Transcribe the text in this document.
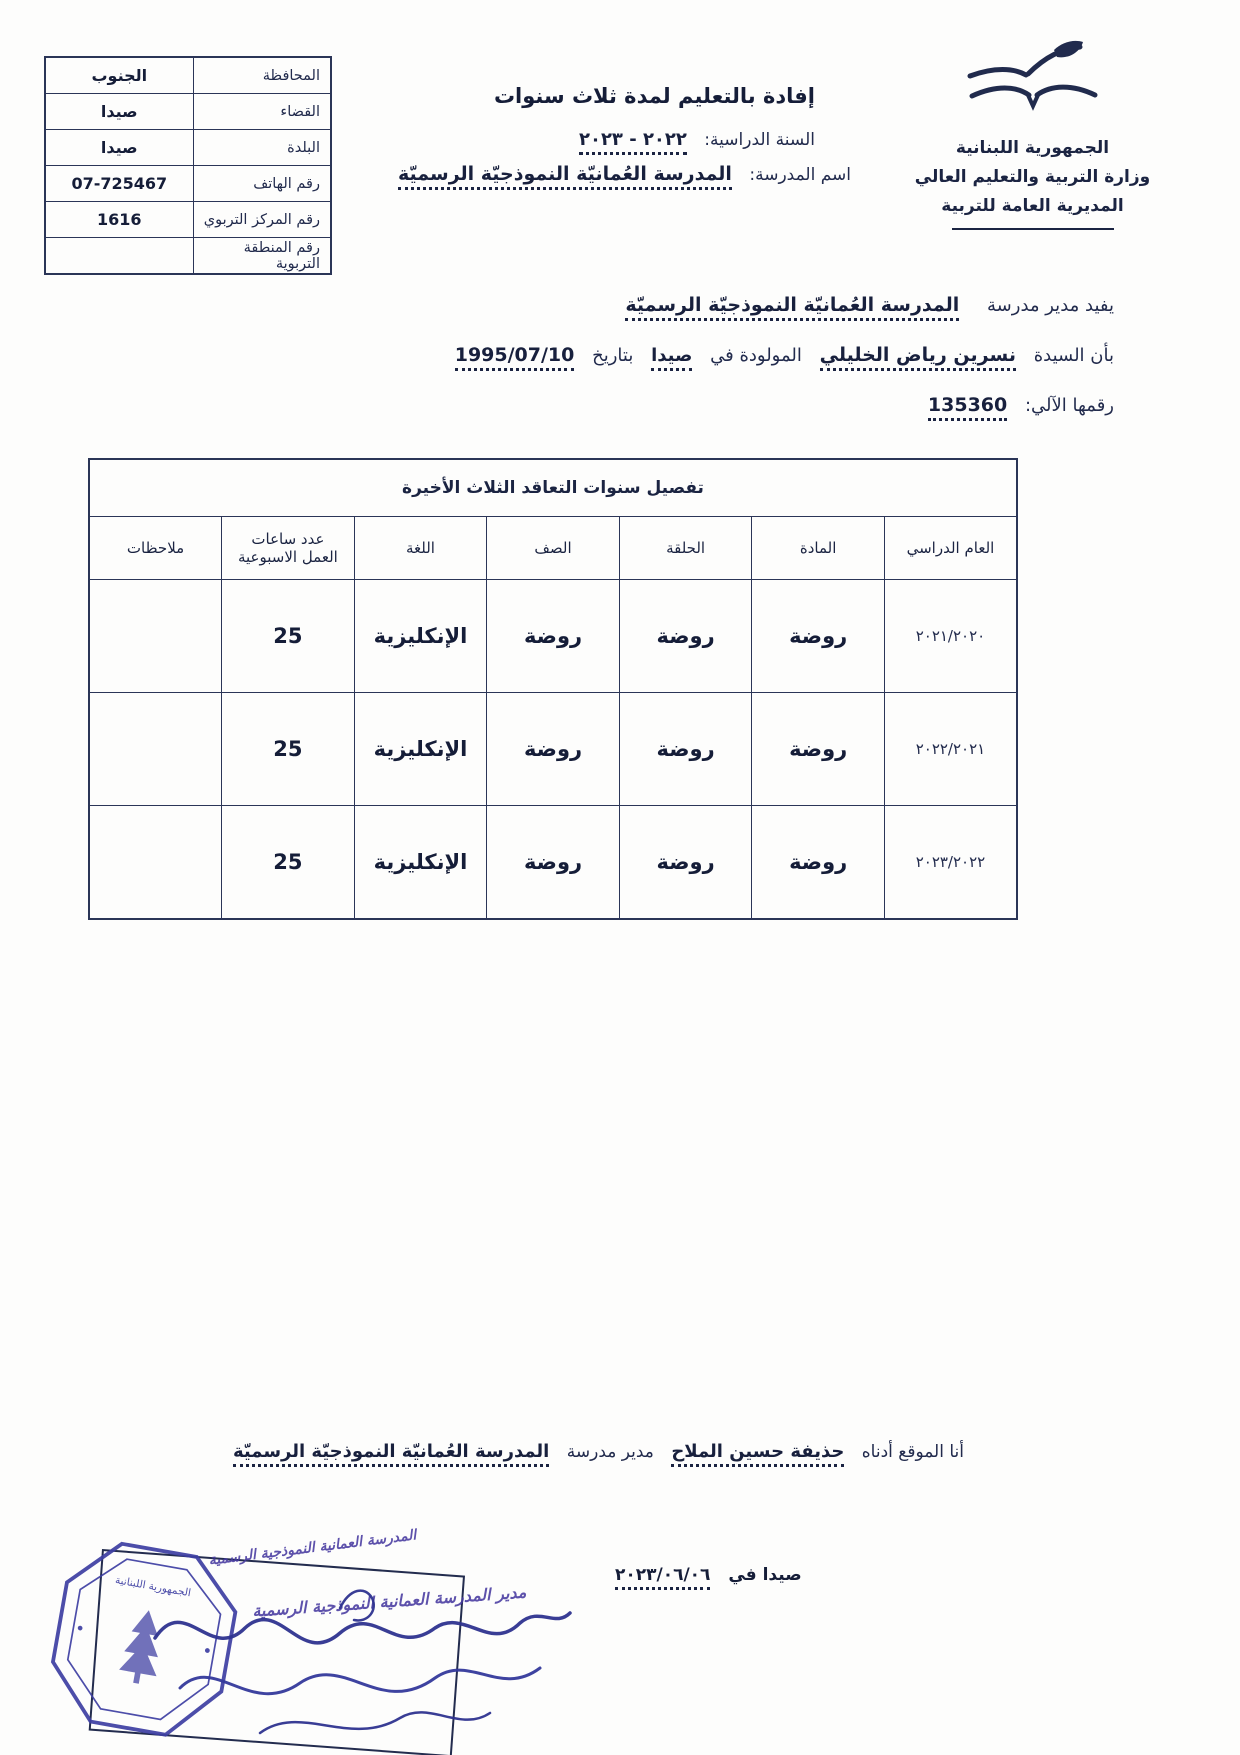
المحافظة	الجنوب
القضاء	صيدا
البلدة	صيدا
رقم الهاتف	07-725467
رقم المركز التربوي	1616
رقم المنطقة التربوية	
الجمهورية اللبنانية
وزارة التربية والتعليم العالي
المديرية العامة للتربية
إفادة بالتعليم لمدة ثلاث سنوات
السنة الدراسية: ٢٠٢٢ - ٢٠٢٣
اسم المدرسة: المدرسة العُمانيّة النموذجيّة الرسميّة
يفيد مدير مدرسة المدرسة العُمانيّة النموذجيّة الرسميّة
بأن السيدة نسرين رياض الخليلي المولودة في صيدا بتاريخ 1995/07/10
رقمها الآلي: 135360
تفصيل سنوات التعاقد الثلاث الأخيرة						
العام الدراسي	المادة	الحلقة	الصف	اللغة	عدد ساعات العمل الاسبوعية	ملاحظات
٢٠٢١/٢٠٢٠	روضة	روضة	روضة	الإنكليزية	25	
٢٠٢٢/٢٠٢١	روضة	روضة	روضة	الإنكليزية	25	
٢٠٢٣/٢٠٢٢	روضة	روضة	روضة	الإنكليزية	25	
أنا الموقع أدناه حذيفة حسين الملاح مدير مدرسة المدرسة العُمانيّة النموذجيّة الرسميّة
المدرسة العمانية النموذجية الرسمية
مدير المدرسة العمانية النموذجية الرسمية
الجمهورية اللبنانية	صيدا في ٢٠٢٣/٠٦/٠٦
